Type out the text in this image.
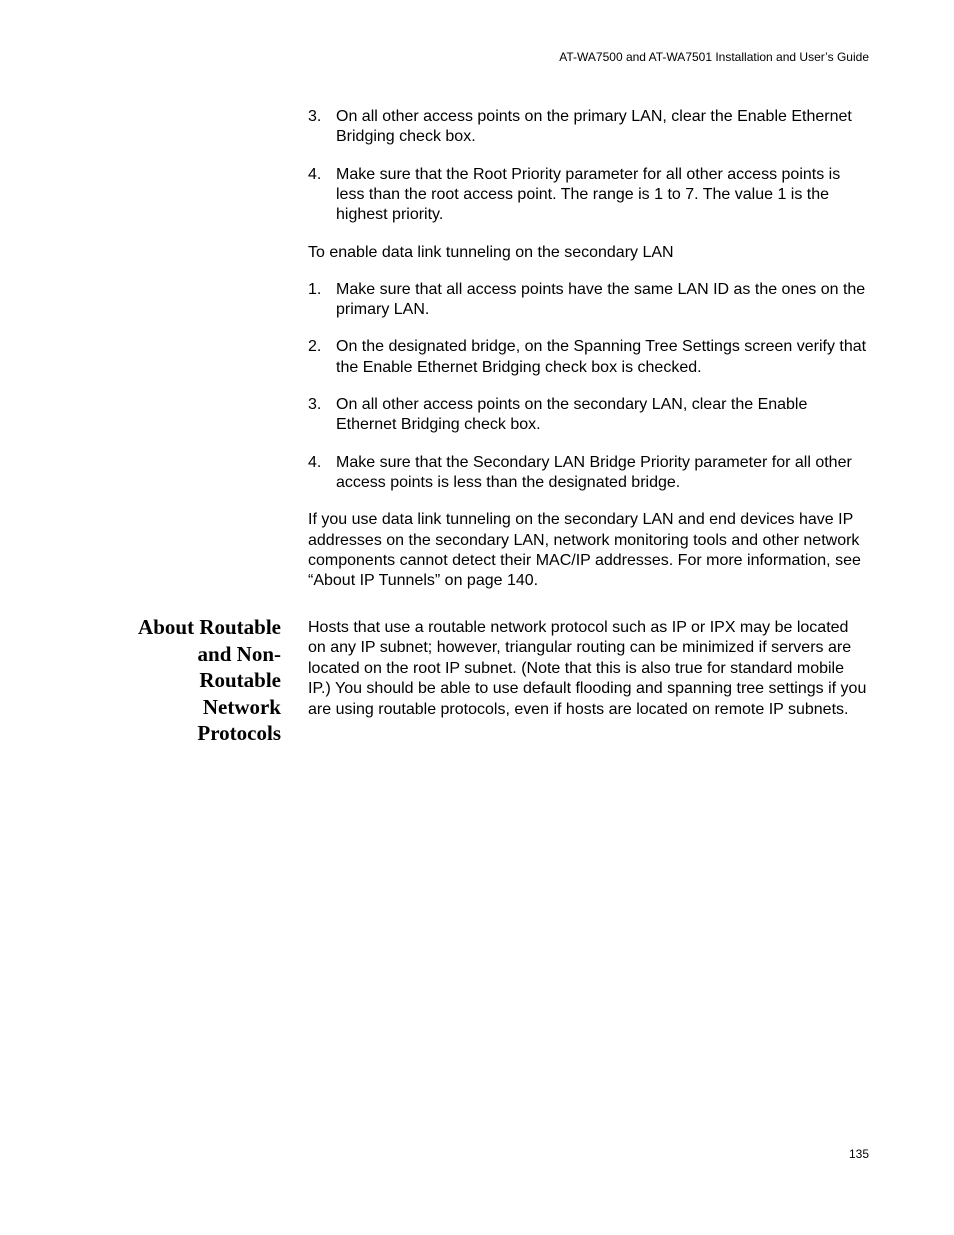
AT-WA7500 and AT-WA7501 Installation and User’s Guide
3. On all other access points on the primary LAN, clear the Enable Ethernet Bridging check box.
4. Make sure that the Root Priority parameter for all other access points is less than the root access point. The range is 1 to 7. The value 1 is the highest priority.

To enable data link tunneling on the secondary LAN

1. Make sure that all access points have the same LAN ID as the ones on the primary LAN.
2. On the designated bridge, on the Spanning Tree Settings screen verify that the Enable Ethernet Bridging check box is checked.
3. On all other access points on the secondary LAN, clear the Enable Ethernet Bridging check box.
4. Make sure that the Secondary LAN Bridge Priority parameter for all other access points is less than the designated bridge.

If you use data link tunneling on the secondary LAN and end devices have IP addresses on the secondary LAN, network monitoring tools and other network components cannot detect their MAC/IP addresses. For more information, see “About IP Tunnels” on page 140.

About Routable
and Non-
Routable
Network
Protocols
Hosts that use a routable network protocol such as IP or IPX may be located on any IP subnet; however, triangular routing can be minimized if servers are located on the root IP subnet. (Note that this is also true for standard mobile IP.) You should be able to use default flooding and spanning tree settings if you are using routable protocols, even if hosts are located on remote IP subnets.
135
